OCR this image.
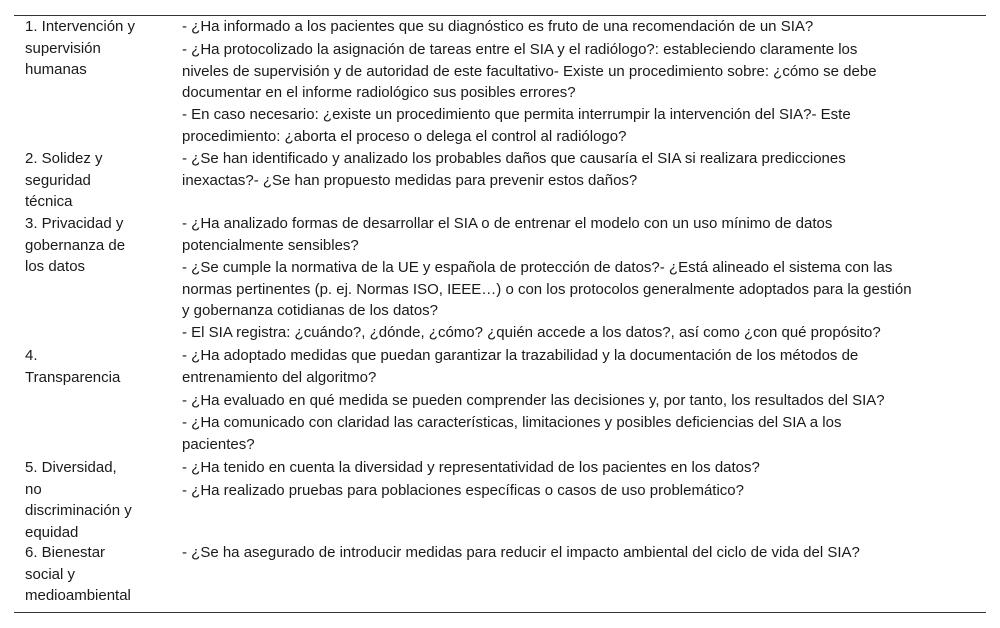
1. Intervención y
supervisión
humanas
- ¿Ha informado a los pacientes que su diagnóstico es fruto de una recomendación de un SIA?
- ¿Ha protocolizado la asignación de tareas entre el SIA y el radiólogo?: estableciendo claramente los
niveles de supervisión y de autoridad de este facultativo- Existe un procedimiento sobre: ¿cómo se debe
documentar en el informe radiológico sus posibles errores?
- En caso necesario: ¿existe un procedimiento que permita interrumpir la intervención del SIA?- Este
procedimiento: ¿aborta el proceso o delega el control al radiólogo?
2. Solidez y
seguridad
técnica
- ¿Se han identificado y analizado los probables daños que causaría el SIA si realizara predicciones
inexactas?- ¿Se han propuesto medidas para prevenir estos daños?
3. Privacidad y
gobernanza de
los datos
- ¿Ha analizado formas de desarrollar el SIA o de entrenar el modelo con un uso mínimo de datos
potencialmente sensibles?
- ¿Se cumple la normativa de la UE y española de protección de datos?- ¿Está alineado el sistema con las
normas pertinentes (p. ej. Normas ISO, IEEE…) o con los protocolos generalmente adoptados para la gestión
y gobernanza cotidianas de los datos?
- El SIA registra: ¿cuándo?, ¿dónde, ¿cómo? ¿quién accede a los datos?, así como ¿con qué propósito?
4.
Transparencia
- ¿Ha adoptado medidas que puedan garantizar la trazabilidad y la documentación de los métodos de
entrenamiento del algoritmo?
- ¿Ha evaluado en qué medida se pueden comprender las decisiones y, por tanto, los resultados del SIA?
- ¿Ha comunicado con claridad las características, limitaciones y posibles deficiencias del SIA a los
pacientes?
5. Diversidad,
no
discriminación y
equidad
- ¿Ha tenido en cuenta la diversidad y representatividad de los pacientes en los datos?
- ¿Ha realizado pruebas para poblaciones específicas o casos de uso problemático?
6. Bienestar
social y
medioambiental
- ¿Se ha asegurado de introducir medidas para reducir el impacto ambiental del ciclo de vida del SIA?
